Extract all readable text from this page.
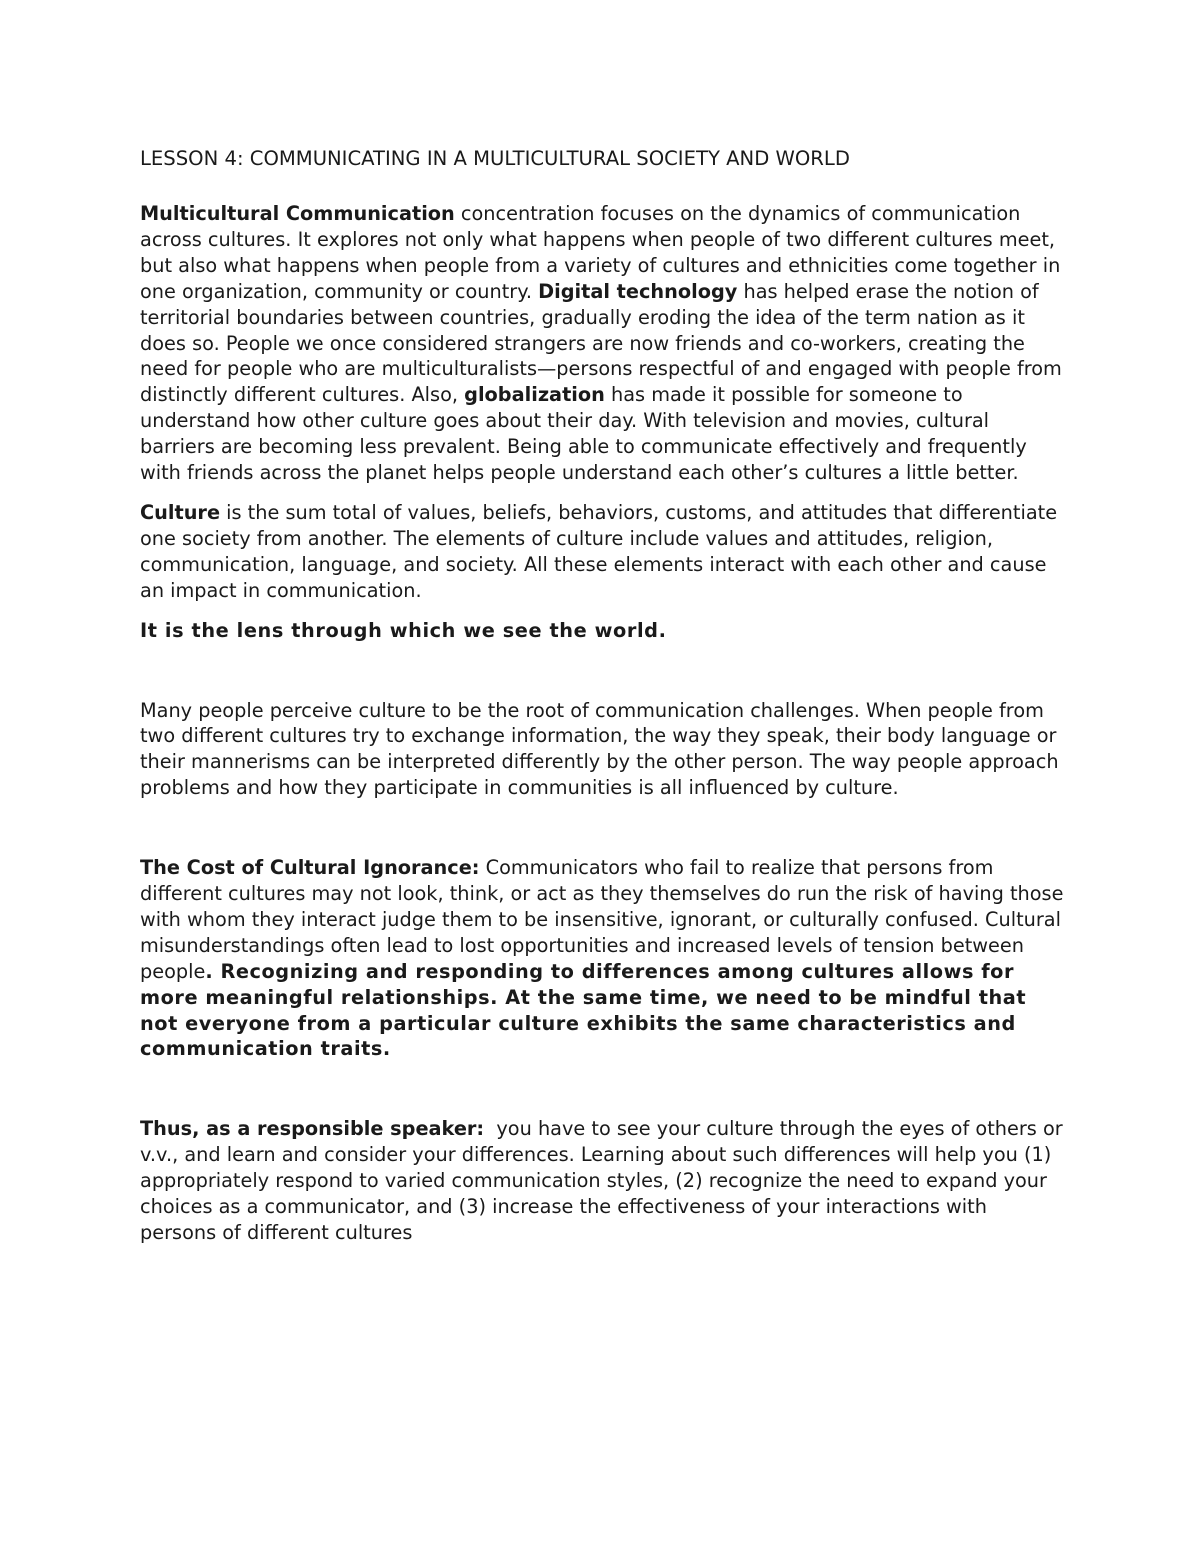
LESSON 4: COMMUNICATING IN A MULTICULTURAL SOCIETY AND WORLD

Multicultural Communication concentration focuses on the dynamics of communication across cultures. It explores not only what happens when people of two different cultures meet, but also what happens when people from a variety of cultures and ethnicities come together in one organization, community or country. Digital technology has helped erase the notion of territorial boundaries between countries, gradually eroding the idea of the term nation as it does so. People we once considered strangers are now friends and co-workers, creating the need for people who are multiculturalists—persons respectful of and engaged with people from distinctly different cultures. Also, globalization has made it possible for someone to understand how other culture goes about their day. With television and movies, cultural barriers are becoming less prevalent. Being able to communicate effectively and frequently with friends across the planet helps people understand each other’s cultures a little better.

Culture is the sum total of values, beliefs, behaviors, customs, and attitudes that differentiate one society from another. The elements of culture include values and attitudes, religion, communication, language, and society. All these elements interact with each other and cause an impact in communication.

It is the lens through which we see the world.

Many people perceive culture to be the root of communication challenges. When people from two different cultures try to exchange information, the way they speak, their body language or their mannerisms can be interpreted differently by the other person. The way people approach problems and how they participate in communities is all influenced by culture.

The Cost of Cultural Ignorance: Communicators who fail to realize that persons from different cultures may not look, think, or act as they themselves do run the risk of having those with whom they interact judge them to be insensitive, ignorant, or culturally confused. Cultural misunderstandings often lead to lost opportunities and increased levels of tension between people. Recognizing and responding to differences among cultures allows for more meaningful relationships. At the same time, we need to be mindful that not everyone from a particular culture exhibits the same characteristics and communication traits.

Thus, as a responsible speaker:  you have to see your culture through the eyes of others or v.v., and learn and consider your differences. Learning about such differences will help you (1) appropriately respond to varied communication styles, (2) recognize the need to expand your choices as a communicator, and (3) increase the effectiveness of your interactions with persons of different cultures
